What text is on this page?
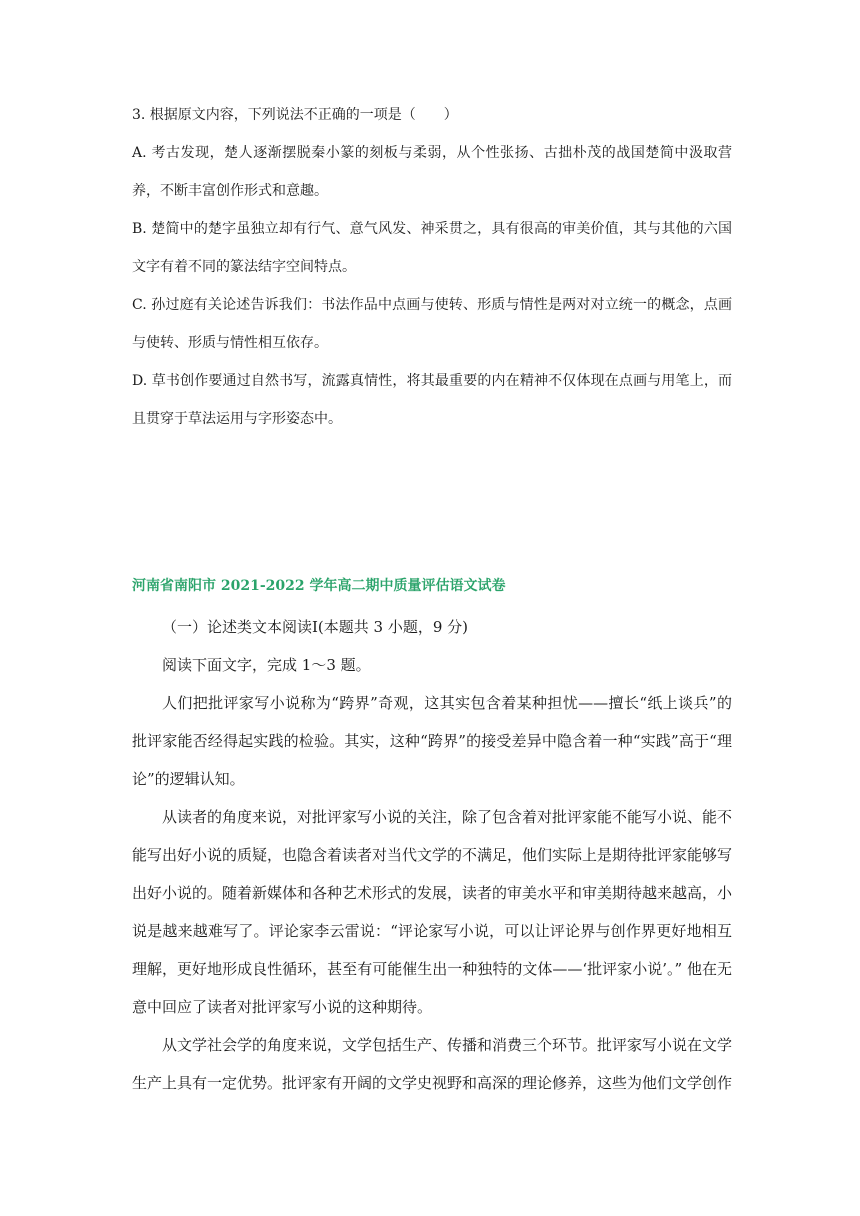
3. 根据原文内容，下列说法不正确的一项是（　　）

A. 考古发现，楚人逐渐摆脱秦小篆的刻板与柔弱，从个性张扬、古拙朴茂的战国楚简中汲取营养，不断丰富创作形式和意趣。

B. 楚简中的楚字虽独立却有行气、意气风发、神采贯之，具有很高的审美价值，其与其他的六国文字有着不同的篆法结字空间特点。

C. 孙过庭有关论述告诉我们：书法作品中点画与使转、形质与情性是两对对立统一的概念，点画与使转、形质与情性相互依存。

D. 草书创作要通过自然书写，流露真情性，将其最重要的内在精神不仅体现在点画与用笔上，而且贯穿于草法运用与字形姿态中。

河南省南阳市 2021-2022 学年高二期中质量评估语文试卷

（一）论述类文本阅读Ⅰ(本题共 3 小题，9 分)

阅读下面文字，完成 1～3 题。

人们把批评家写小说称为“跨界”奇观，这其实包含着某种担忧——擅长“纸上谈兵”的批评家能否经得起实践的检验。其实，这种“跨界”的接受差异中隐含着一种“实践”高于“理论”的逻辑认知。

从读者的角度来说，对批评家写小说的关注，除了包含着对批评家能不能写小说、能不能写出好小说的质疑，也隐含着读者对当代文学的不满足，他们实际上是期待批评家能够写出好小说的。随着新媒体和各种艺术形式的发展，读者的审美水平和审美期待越来越高，小说是越来越难写了。评论家李云雷说：“评论家写小说，可以让评论界与创作界更好地相互理解，更好地形成良性循环，甚至有可能催生出一种独特的文体——‘批评家小说’。” 他在无意中回应了读者对批评家写小说的这种期待。

从文学社会学的角度来说，文学包括生产、传播和消费三个环节。批评家写小说在文学生产上具有一定优势。批评家有开阔的文学史视野和高深的理论修养，这些为他们文学创作
